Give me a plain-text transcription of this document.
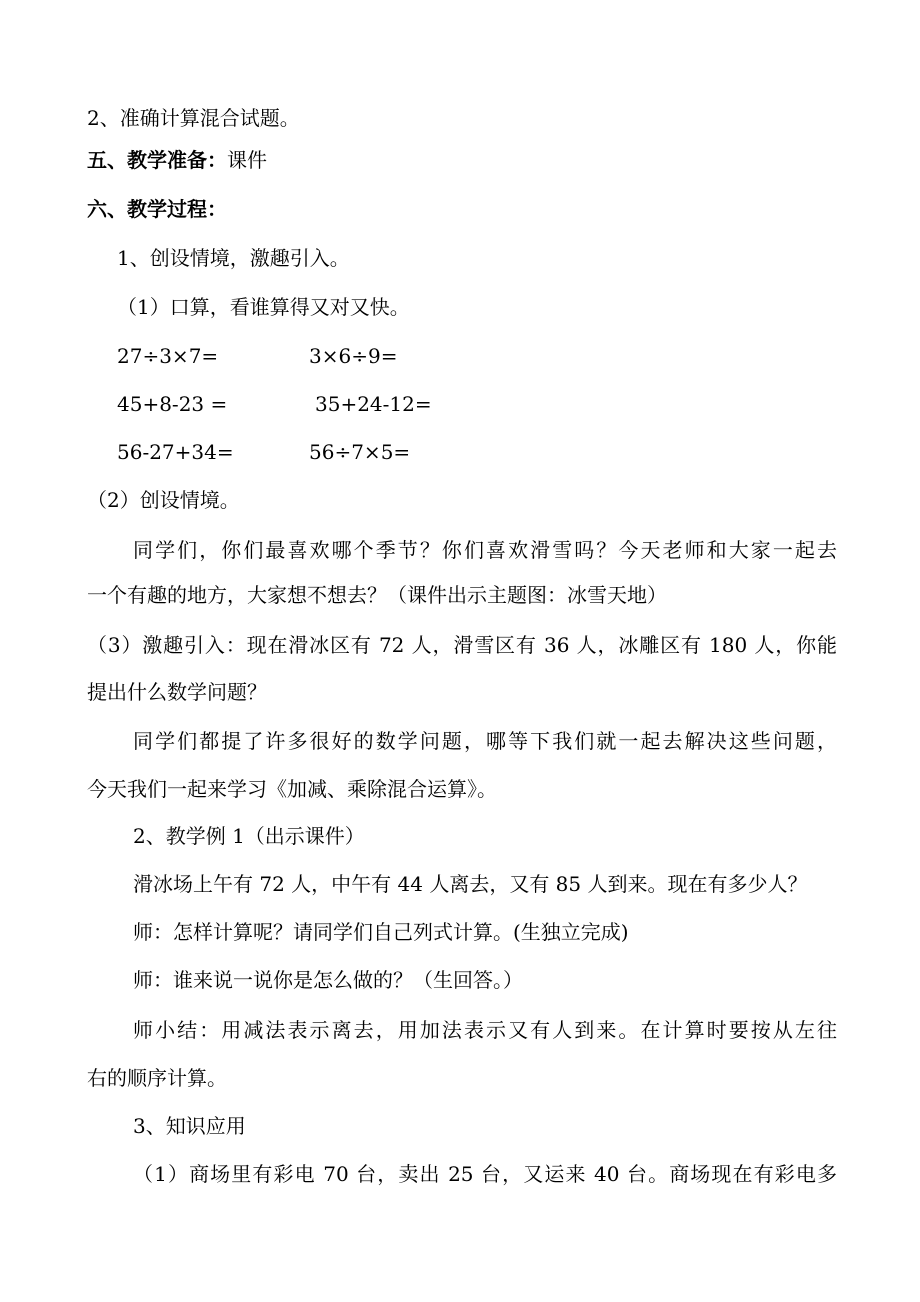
2、准确计算混合试题。
五、教学准备：课件
六、教学过程：
1、创设情境，激趣引入。
（1）口算，看谁算得又对又快。
27÷3×7=	3×6÷9=
45+8-23 =	35+24-12=
56-27+34=	56÷7×5=
（2）创设情境。
同学们，你们最喜欢哪个季节？你们喜欢滑雪吗？今天老师和大家一起去
一个有趣的地方，大家想不想去？（课件出示主题图：冰雪天地）
（3）激趣引入：现在滑冰区有 72 人，滑雪区有 36 人，冰雕区有 180 人，你能
提出什么数学问题？
同学们都提了许多很好的数学问题，哪等下我们就一起去解决这些问题，
今天我们一起来学习《加减、乘除混合运算》。
2、教学例 1（出示课件）
滑冰场上午有 72 人，中午有 44 人离去，又有 85 人到来。现在有多少人？
师：怎样计算呢？请同学们自己列式计算。(生独立完成)
师：谁来说一说你是怎么做的？（生回答。）
师小结：用减法表示离去，用加法表示又有人到来。在计算时要按从左往
右的顺序计算。
3、知识应用
（1）商场里有彩电 70 台，卖出 25 台，又运来 40 台。商场现在有彩电多
